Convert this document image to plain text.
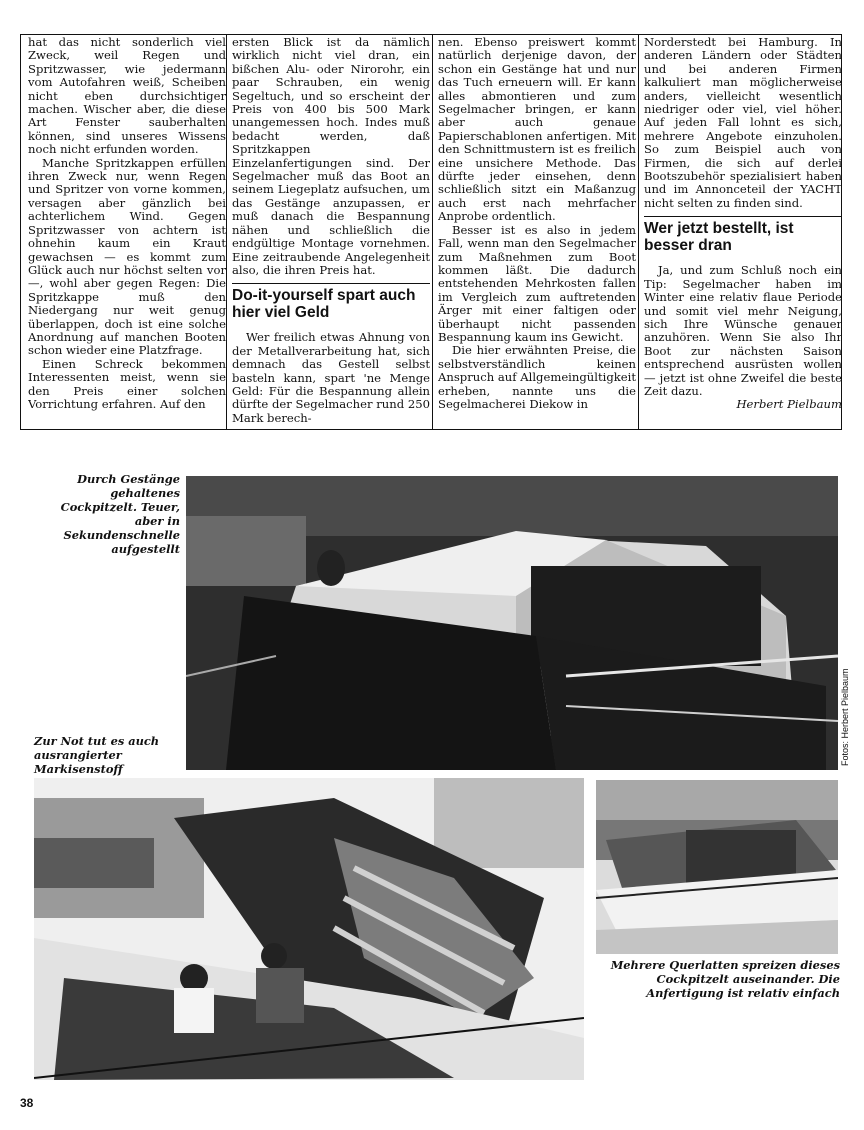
hat das nicht sonderlich viel Zweck, weil Regen und Spritzwasser, wie jedermann vom Autofahren weiß, Scheiben nicht eben durchsichtiger machen. Wischer aber, die diese Art Fenster sauberhalten können, sind unseres Wissens noch nicht erfunden worden.

Manche Spritzkappen erfüllen ihren Zweck nur, wenn Regen und Spritzer von vorne kommen, versagen aber gänzlich bei achterlichem Wind. Gegen Spritzwasser von achtern ist ohnehin kaum ein Kraut gewachsen — es kommt zum Glück auch nur höchst selten vor —, wohl aber gegen Regen: Die Spritzkappe muß den Niedergang nur weit genug überlappen, doch ist eine solche Anordnung auf manchen Booten schon wieder eine Platzfrage.

Einen Schreck bekommen Interessenten meist, wenn sie den Preis einer solchen Vorrichtung erfahren. Auf den

ersten Blick ist da nämlich wirklich nicht viel dran, ein bißchen Alu- oder Nirorohr, ein paar Schrauben, ein wenig Segeltuch, und so erscheint der Preis von 400 bis 500 Mark unangemessen hoch. Indes muß bedacht werden, daß Spritzkappen Einzelanfertigungen sind. Der Segelmacher muß das Boot an seinem Liegeplatz aufsuchen, um das Gestänge anzupassen, er muß danach die Bespannung nähen und schließlich die endgültige Montage vornehmen. Eine zeitraubende Angelegenheit also, die ihren Preis hat.

Do-it-yourself spart auch hier viel Geld

Wer freilich etwas Ahnung von der Metallverarbeitung hat, sich demnach das Gestell selbst basteln kann, spart 'ne Menge Geld: Für die Bespannung allein dürfte der Segelmacher rund 250 Mark berech-

nen. Ebenso preiswert kommt natürlich derjenige davon, der schon ein Gestänge hat und nur das Tuch erneuern will. Er kann alles abmontieren und zum Segelmacher bringen, er kann aber auch genaue Papierschablonen anfertigen. Mit den Schnittmustern ist es freilich eine unsichere Methode. Das dürfte jeder einsehen, denn schließlich sitzt ein Maßanzug auch erst nach mehrfacher Anprobe ordentlich.

Besser ist es also in jedem Fall, wenn man den Segelmacher zum Maßnehmen zum Boot kommen läßt. Die dadurch entstehenden Mehrkosten fallen im Vergleich zum auftretenden Ärger mit einer faltigen oder überhaupt nicht passenden Bespannung kaum ins Gewicht.

Die hier erwähnten Preise, die selbstverständlich keinen Anspruch auf Allgemeingültigkeit erheben, nannte uns die Segelmacherei Diekow in

Norderstedt bei Hamburg. In anderen Ländern oder Städten und bei anderen Firmen kalkuliert man möglicherweise anders, vielleicht wesentlich niedriger oder viel, viel höher. Auf jeden Fall lohnt es sich, mehrere Angebote einzuholen. So zum Beispiel auch von Firmen, die sich auf derlei Bootszubehör spezialisiert haben und im Annonceteil der YACHT nicht selten zu finden sind.

Wer jetzt bestellt, ist besser dran

Ja, und zum Schluß noch ein Tip: Segelmacher haben im Winter eine relativ flaue Periode und somit viel mehr Neigung, sich Ihre Wünsche genauer anzuhören. Wenn Sie also Ihr Boot zur nächsten Saison entsprechend ausrüsten wollen — jetzt ist ohne Zweifel die beste Zeit dazu.

Herbert Pielbaum

Durch Gestänge gehaltenes Cockpitzelt. Teuer, aber in Sekundenschnelle aufgestellt
Fotos: Herbert Pielbaum
Zur Not tut es auch ausrangierter Markisenstoff
Mehrere Querlatten spreizen dieses Cockpitzelt auseinander. Die Anfertigung ist relativ einfach
38
